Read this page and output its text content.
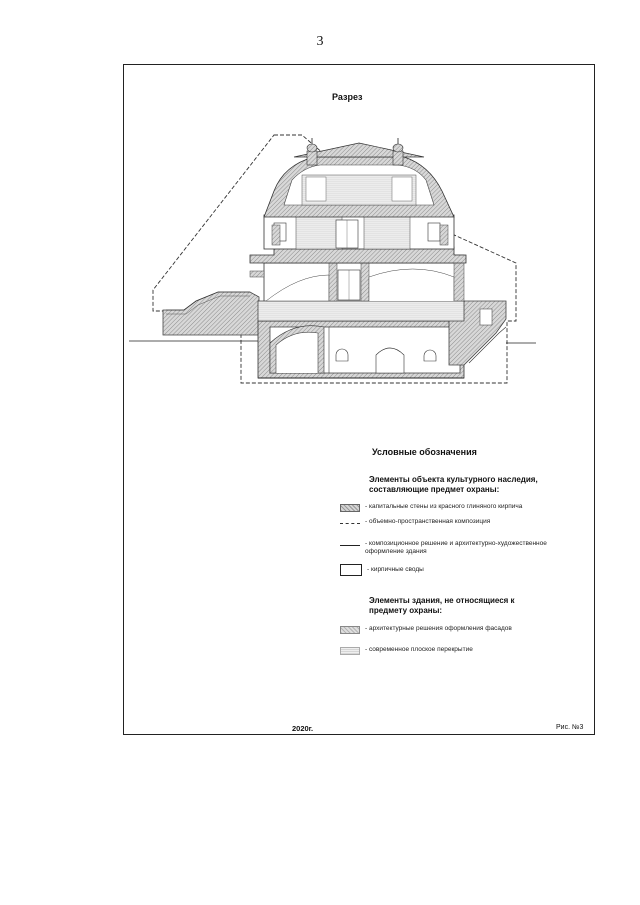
3
Разрез
Условные обозначения
Элементы объекта культурного наследия, составляющие предмет охраны:
- капитальные стены из красного глиняного кирпича
- объемно-пространственная композиция
- композиционное решение и архитектурно-художественное оформление здания
- кирпичные своды
Элементы здания, не относящиеся к предмету охраны:
- архитектурные решения оформления фасадов
- современное плоское перекрытие
2020г.	Рис. №3
